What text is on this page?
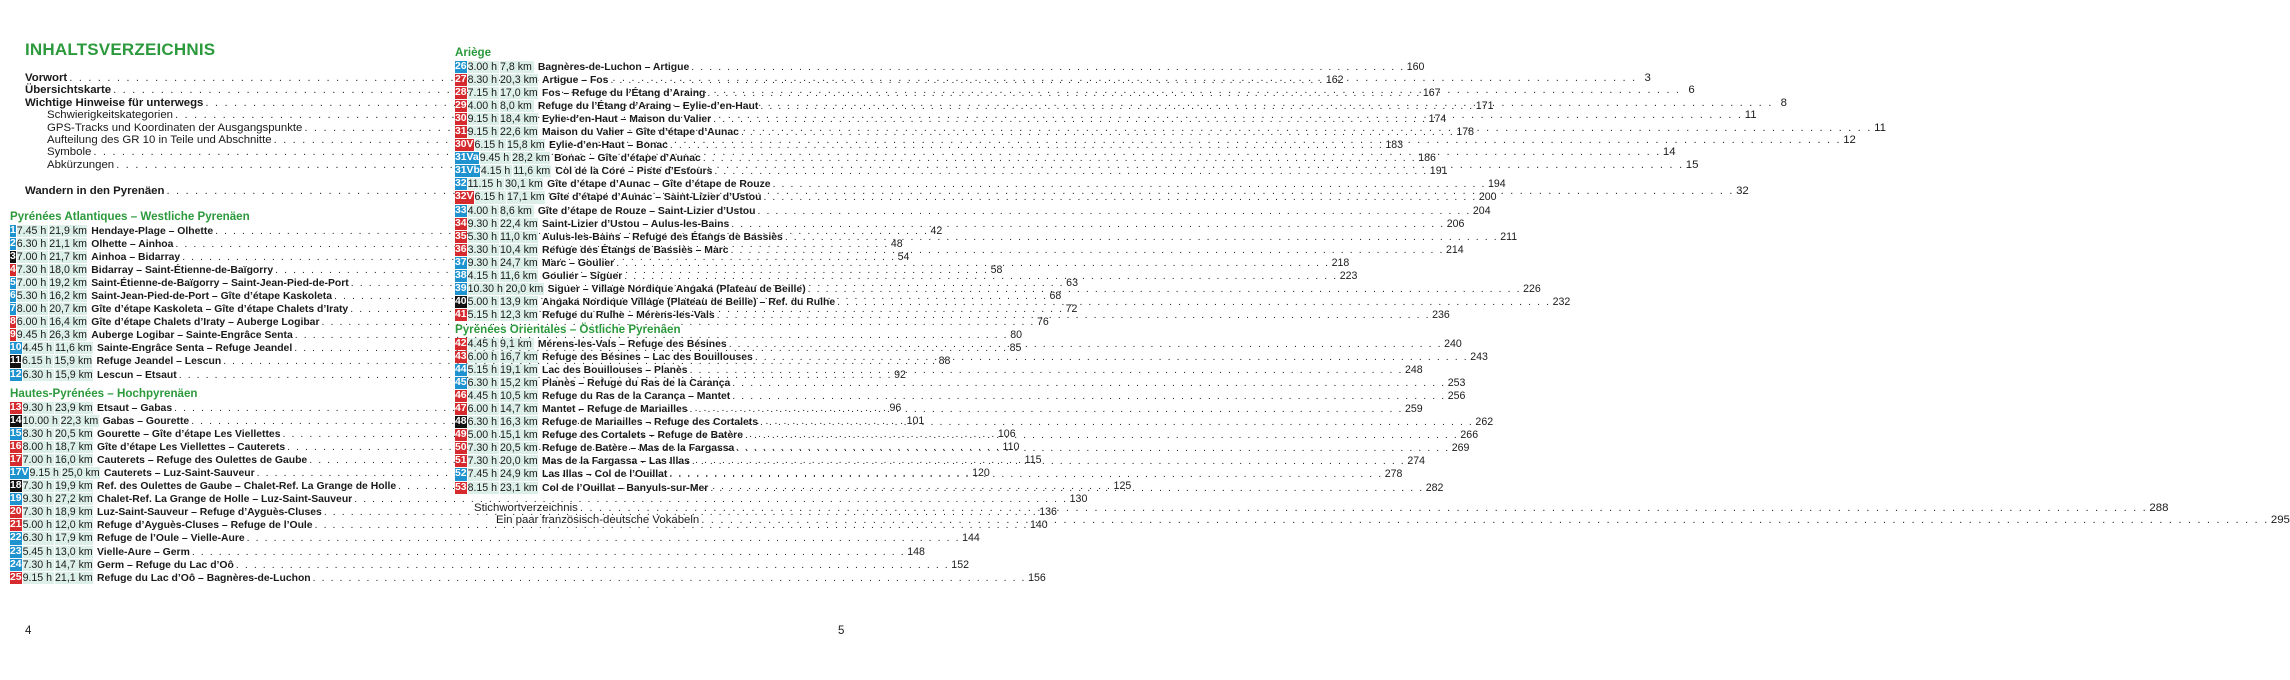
INHALTSVERZEICHNIS
Vorwort . . .	3
Übersichtskarte . . .	6
Wichtige Hinweise für unterwegs . . .	8
Schwierigkeitskategorien . . .	11
GPS-Tracks und Koordinaten der Ausgangspunkte . . .	11
Aufteilung des GR 10 in Teile und Abschnitte . . .	12
Symbole . . .	14
Abkürzungen . . .	15
Wandern in den Pyrenäen . . .	32
Pyrénées Atlantiques – Westliche Pyrenäen
1 7.45 h 21,9 km Hendaye-Plage – Olhette . . .	42
2 6.30 h 21,1 km Olhette – Ainhoa . . .	48
3 7.00 h 21,7 km Ainhoa – Bidarray . . .	54
4 7.30 h 18,0 km Bidarray – Saint-Étienne-de-Baïgorry . . .	58
5 7.00 h 19,2 km Saint-Étienne-de-Baïgorry – Saint-Jean-Pied-de-Port . . .	63
6 5.30 h 16,2 km Saint-Jean-Pied-de-Port – Gîte d’étape Kaskoleta . . .	68
7 8.00 h 20,7 km Gîte d’étape Kaskoleta – Gîte d’étape Chalets d’Iraty . . .	72
8 6.00 h 16,4 km Gîte d’étape Chalets d’Iraty – Auberge Logibar . . .	76
9 9.45 h 26,3 km Auberge Logibar – Sainte-Engrâce Senta . . .	80
10 4.45 h 11,6 km Sainte-Engrâce Senta – Refuge Jeandel . . .	85
11 6.15 h 15,9 km Refuge Jeandel – Lescun . . .	88
12 6.30 h 15,9 km Lescun – Etsaut . . .	92
Hautes-Pyrénées – Hochpyrenäen
13 9.30 h 23,9 km Etsaut – Gabas . . .	96
14 10.00 h 22,3 km Gabas – Gourette . . .	101
15 8.30 h 20,5 km Gourette – Gîte d’étape Les Viellettes . . .	106
16 8.00 h 18,7 km Gîte d’étape Les Viellettes – Cauterets . . .	110
17 7.00 h 16,0 km Cauterets – Refuge des Oulettes de Gaube . . .	115
17V 9.15 h 25,0 km Cauterets – Luz-Saint-Sauveur . . .	120
18 7.30 h 19,9 km Ref. des Oulettes de Gaube – Chalet-Ref. La Grange de Holle . . .	125
19 9.30 h 27,2 km Chalet-Ref. La Grange de Holle – Luz-Saint-Sauveur . . .	130
20 7.30 h 18,9 km Luz-Saint-Sauveur – Refuge d’Ayguès-Cluses . . .	136
21 5.00 h 12,0 km Refuge d’Ayguès-Cluses – Refuge de l’Oule . . .	140
22 6.30 h 17,9 km Refuge de l’Oule – Vielle-Aure . . .	144
23 5.45 h 13,0 km Vielle-Aure – Germ . . .	148
24 7.30 h 14,7 km Germ – Refuge du Lac d’Oô . . .	152
25 9.15 h 21,1 km Refuge du Lac d’Oô – Bagnères-de-Luchon . . .	156
4
Ariège
26 3.00 h 7,8 km Bagnères-de-Luchon – Artigue . . .	160
27 8.30 h 20,3 km Artigue – Fos . . .	162
28 7.15 h 17,0 km Fos – Refuge du l’Étang d’Araing . . .	167
29 4.00 h 8,0 km Refuge du l’Étang d’Araing – Eylie-d’en-Haut . . .	171
30 9.15 h 18,4 km Eylie-d’en-Haut – Maison du Valier . . .	174
31 9.15 h 22,6 km Maison du Valier – Gîte d’étape d’Aunac . . .	178
30V 6.15 h 15,8 km Eylie-d’en-Haut – Bonac . . .	183
31Va 9.45 h 28,2 km Bonac – Gîte d’étape d’Aunac . . .	186
31Vb 4.15 h 11,6 km Col de la Core – Piste d’Estours . . .	191
32 11.15 h 30,1 km Gîte d’étape d’Aunac – Gîte d’étape de Rouze . . .	194
32V 6.15 h 17,1 km Gîte d’étape d’Aunac – Saint-Lizier d’Ustou . . .	200
33 4.00 h 8,6 km Gîte d’étape de Rouze – Saint-Lizier d’Ustou . . .	204
34 9.30 h 22,4 km Saint-Lizier d’Ustou – Aulus-les-Bains . . .	206
35 5.30 h 11,0 km Aulus-les-Bains – Refuge des Étangs de Bassiès . . .	211
36 3.30 h 10,4 km Refuge des Étangs de Bassiès – Marc . . .	214
37 9.30 h 24,7 km Marc – Goulier . . .	218
38 4.15 h 11,6 km Goulier – Siguer . . .	223
39 10.30 h 20,0 km Siguer – Village Nordique Angaka (Plateau de Beille) . . .	226
40 5.00 h 13,9 km Angaka Nordique Village (Plateau de Beille) – Ref. du Rulhe . . .	232
41 5.15 h 12,3 km Refuge du Rulhe – Mérens-les-Vals . . .	236
Pyrénées Orientales – Östliche Pyrenäen
42 4.45 h 9,1 km Mérens-les-Vals – Refuge des Bésines . . .	240
43 6.00 h 16,7 km Refuge des Bésines – Lac des Bouillouses . . .	243
44 5.15 h 19,1 km Lac des Bouillouses – Planès . . .	248
45 6.30 h 15,2 km Planès – Refuge du Ras de la Carança . . .	253
46 4.45 h 10,5 km Refuge du Ras de la Carança – Mantet . . .	256
47 6.00 h 14,7 km Mantet – Refuge de Mariailles . . .	259
48 6.30 h 16,3 km Refuge de Mariailles – Refuge des Cortalets . . .	262
49 5.00 h 15,1 km Refuge des Cortalets – Refuge de Batère . . .	266
50 7.30 h 20,5 km Refuge de Batère – Mas de la Fargassa . . .	269
51 7.30 h 20,0 km Mas de la Fargassa – Las Illas . . .	274
52 7.45 h 24,9 km Las Illas – Col de l’Ouillat . . .	278
53 8.15 h 23,1 km Col de l’Ouillat – Banyuls-sur-Mer . . .	282
Stichwortverzeichnis . . .	288
Ein paar französisch-deutsche Vokabeln . . .	295
5
